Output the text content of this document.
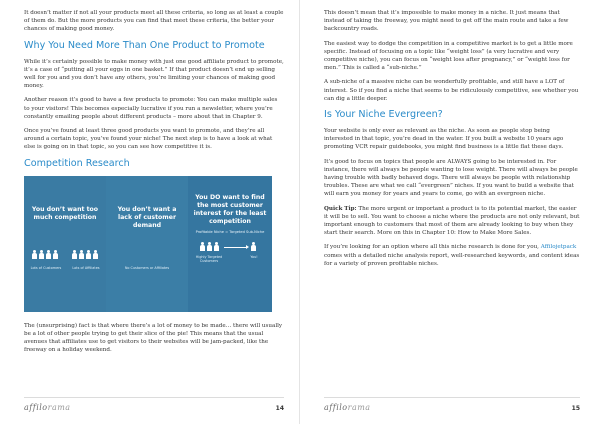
It doesn’t matter if not all your products meet all these criteria, so long as at least a couple of them do. But the more products you can find that meet these criteria, the better your chances of making good money.

Why You Need More Than One Product to Promote

While it’s certainly possible to make money with just one good affiliate product to promote, it’s a case of “putting all your eggs in one basket.” If that product doesn’t end up selling well for you and you don’t have any others, you’re limiting your chances of making good money.

Another reason it’s good to have a few products to promote: You can make multiple sales to your visitors! This becomes especially lucrative if you run a newsletter, where you’re constantly emailing people about different products – more about that in Chapter 9.

Once you’ve found at least three good products you want to promote, and they’re all around a certain topic, you’ve found your niche! The next step is to have a look at what else is going on in that topic, so you can see how competitive it is.

Competition Research
You don’t want too much competition
Lots of Customers	Lots of Affiliates
You don’t want a lack of customer demand
No Customers or Affiliates
You DO want to find the most customer interest for the least competition
Profitable Niche = Targeted Sub-Niche
Highly Targeted Customers
You!

The (unsurprising) fact is that where there’s a lot of money to be made… there will usually be a lot of other people trying to get their slice of the pie! This means that the usual avenues that affiliates use to get visitors to their websites will be jam-packed, like the freeway on a holiday weekend.

affilorama	14

This doesn’t mean that it’s impossible to make money in a niche. It just means that instead of taking the freeway, you might need to get off the main route and take a few backcountry roads.

The easiest way to dodge the competition in a competitive market is to get a little more specific. Instead of focusing on a topic like “weight loss” (a very lucrative and very competitive niche), you can focus on “weight loss after pregnancy,” or “weight loss for men.” This is called a “sub-niche.”

A sub-niche of a massive niche can be wonderfully profitable, and still have a LOT of interest. So if you find a niche that seems to be ridiculously competitive, see whether you can dig a little deeper.

Is Your Niche Evergreen?

Your website is only ever as relevant as the niche. As soon as people stop being interested in that topic, you’re dead in the water. If you built a website 10 years ago promoting VCR repair guidebooks, you might find business is a little flat these days.

It’s good to focus on topics that people are ALWAYS going to be interested in. For instance, there will always be people wanting to lose weight. There will always be people having trouble with badly behaved dogs. There will always be people with relationship troubles. These are what we call “evergreen” niches. If you want to build a website that will earn you money for years and years to come, go with an evergreen niche.

Quick Tip: The more urgent or important a product is to its potential market, the easier it will be to sell. You want to choose a niche where the products are not only relevant, but important enough to customers that most of them are already looking to buy when they start their search. More on this in Chapter 10: How to Make More Sales.

If you’re looking for an option where all this niche research is done for you, Affilojetpack comes with a detailed niche analysis report, well-researched keywords, and content ideas for a variety of proven profitable niches.

affilorama	15
